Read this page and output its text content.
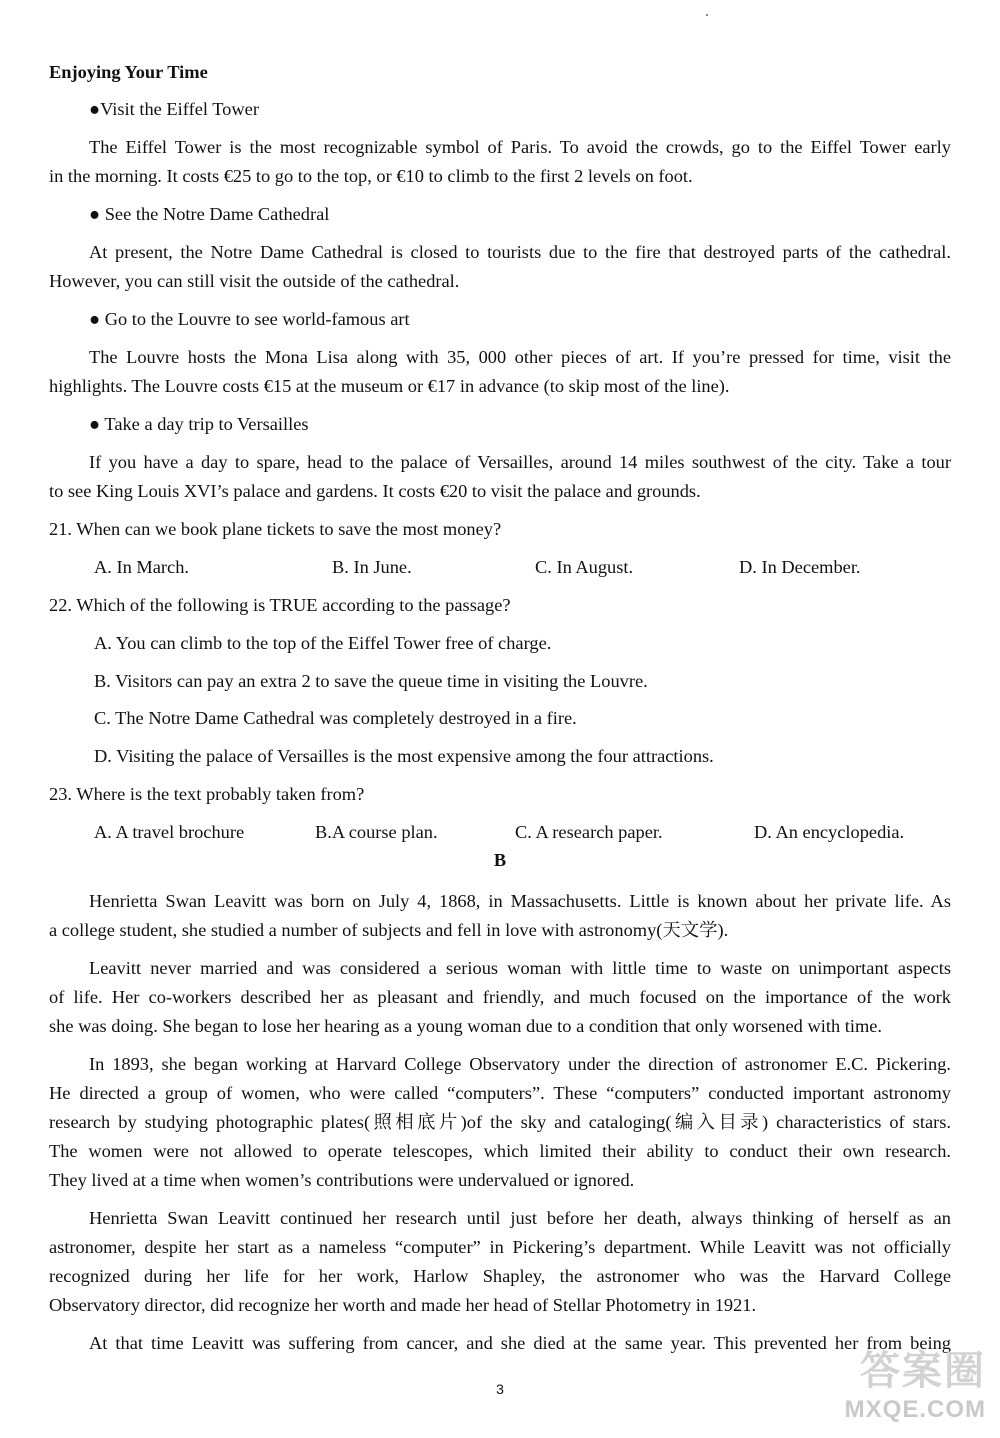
Enjoying Your Time
●Visit the Eiffel Tower
The Eiffel Tower is the most recognizable symbol of Paris. To avoid the crowds, go to the Eiffel Tower early
in the morning. It costs €25 to go to the top, or €10 to climb to the first 2 levels on foot.
● See the Notre Dame Cathedral
At present, the Notre Dame Cathedral is closed to tourists due to the fire that destroyed parts of the cathedral.
However, you can still visit the outside of the cathedral.
● Go to the Louvre to see world-famous art
The Louvre hosts the Mona Lisa along with 35, 000 other pieces of art. If you’re pressed for time, visit the
highlights. The Louvre costs €15 at the museum or €17 in advance (to skip most of the line).
● Take a day trip to Versailles
If you have a day to spare, head to the palace of Versailles, around 14 miles southwest of the city. Take a tour
to see King Louis XVI’s palace and gardens. It costs €20 to visit the palace and grounds.
21. When can we book plane tickets to save the most money?
A. In March.	B. In June.	C. In August.	D. In December.
22. Which of the following is TRUE according to the passage?
A. You can climb to the top of the Eiffel Tower free of charge.
B. Visitors can pay an extra 2 to save the queue time in visiting the Louvre.
C. The Notre Dame Cathedral was completely destroyed in a fire.
D. Visiting the palace of Versailles is the most expensive among the four attractions.
23. Where is the text probably taken from?
A. A travel brochure	B.A course plan.	C. A research paper.	D. An encyclopedia.
B
Henrietta Swan Leavitt was born on July 4, 1868, in Massachusetts. Little is known about her private life. As
a college student, she studied a number of subjects and fell in love with astronomy(天文学).
Leavitt never married and was considered a serious woman with little time to waste on unimportant aspects
of life. Her co-workers described her as pleasant and friendly, and much focused on the importance of the work
she was doing. She began to lose her hearing as a young woman due to a condition that only worsened with time.
In 1893, she began working at Harvard College Observatory under the direction of astronomer E.C. Pickering.
He directed a group of women, who were called “computers”. These “computers” conducted important astronomy
research by studying photographic plates(照相底片)of the sky and cataloging(编入目录) characteristics of stars.
The women were not allowed to operate telescopes, which limited their ability to conduct their own research.
They lived at a time when women’s contributions were undervalued or ignored.
Henrietta Swan Leavitt continued her research until just before her death, always thinking of herself as an
astronomer, despite her start as a nameless “computer” in Pickering’s department. While Leavitt was not officially
recognized during her life for her work, Harlow Shapley, the astronomer who was the Harvard College
Observatory director, did recognize her worth and made her head of Stellar Photometry in 1921.
At that time Leavitt was suffering from cancer, and she died at the same year. This prevented her from being
3	答案圈
MXQE.COM
